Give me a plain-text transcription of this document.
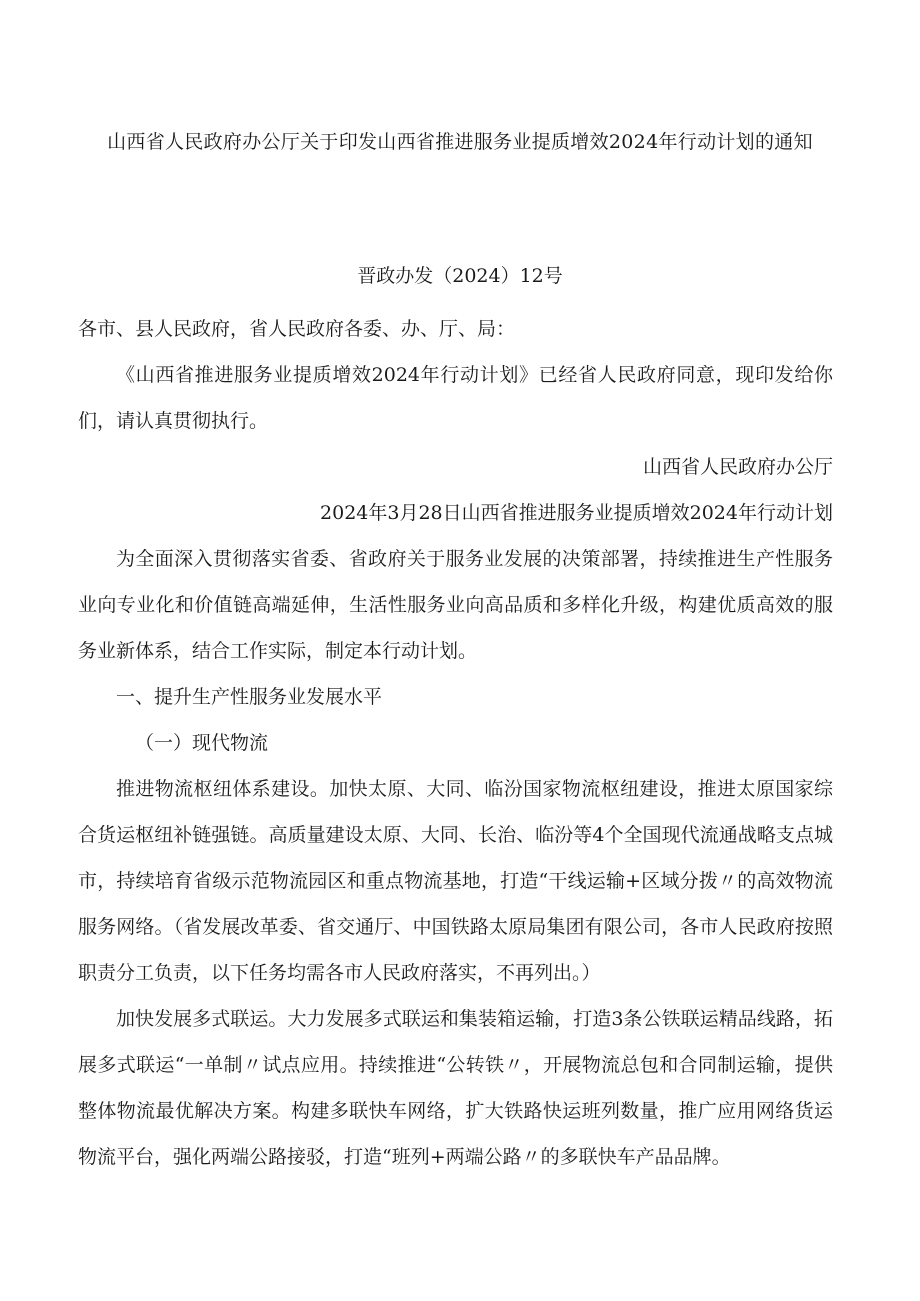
山西省人民政府办公厅关于印发山西省推进服务业提质增效2024年行动计划的通知
晋政办发（2024）12号

各市、县人民政府，省人民政府各委、办、厅、局：

《山西省推进服务业提质增效2024年行动计划》已经省人民政府同意，现印发给你们，请认真贯彻执行。

山西省人民政府办公厅

2024年3月28日山西省推进服务业提质增效2024年行动计划

为全面深入贯彻落实省委、省政府关于服务业发展的决策部署，持续推进生产性服务业向专业化和价值链高端延伸，生活性服务业向高品质和多样化升级，构建优质高效的服务业新体系，结合工作实际，制定本行动计划。

一、提升生产性服务业发展水平

（一）现代物流

推进物流枢纽体系建设。加快太原、大同、临汾国家物流枢纽建设，推进太原国家综合货运枢纽补链强链。高质量建设太原、大同、长治、临汾等4个全国现代流通战略支点城市，持续培育省级示范物流园区和重点物流基地，打造“干线运输+区域分拨〃的高效物流服务网络。（省发展改革委、省交通厅、中国铁路太原局集团有限公司，各市人民政府按照职责分工负责，以下任务均需各市人民政府落实，不再列出。）

加快发展多式联运。大力发展多式联运和集装箱运输，打造3条公铁联运精品线路，拓展多式联运“一单制〃试点应用。持续推进“公转铁〃，开展物流总包和合同制运输，提供整体物流最优解决方案。构建多联快车网络，扩大铁路快运班列数量，推广应用网络货运物流平台，强化两端公路接驳，打造“班列+两端公路〃的多联快车产品品牌。
